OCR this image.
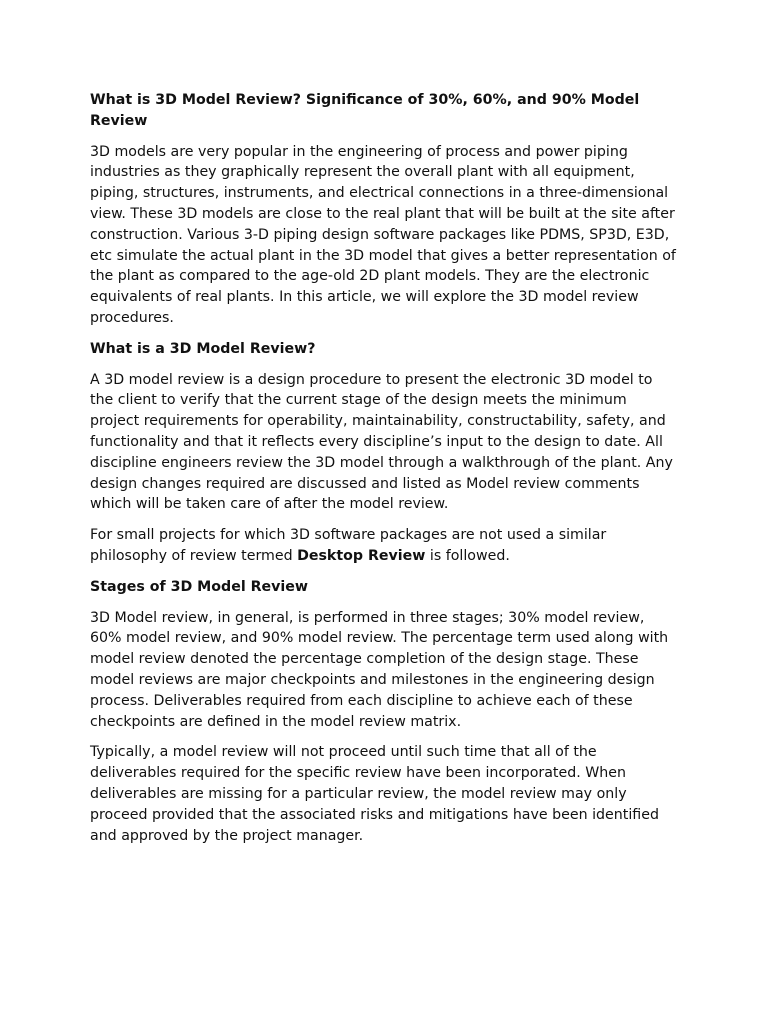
What is 3D Model Review? Significance of 30%, 60%, and 90% Model Review
3D models are very popular in the engineering of process and power piping industries as they graphically represent the overall plant with all equipment, piping, structures, instruments, and electrical connections in a three-dimensional view. These 3D models are close to the real plant that will be built at the site after construction. Various 3-D piping design software packages like PDMS, SP3D, E3D, etc simulate the actual plant in the 3D model that gives a better representation of the plant as compared to the age-old 2D plant models. They are the electronic equivalents of real plants. In this article, we will explore the 3D model review procedures.
What is a 3D Model Review?
A 3D model review is a design procedure to present the electronic 3D model to the client to verify that the current stage of the design meets the minimum project requirements for operability, maintainability, constructability, safety, and functionality and that it reflects every discipline’s input to the design to date. All discipline engineers review the 3D model through a walkthrough of the plant. Any design changes required are discussed and listed as Model review comments which will be taken care of after the model review.
For small projects for which 3D software packages are not used a similar philosophy of review termed Desktop Review is followed.
Stages of 3D Model Review
3D Model review, in general, is performed in three stages; 30% model review, 60% model review, and 90% model review. The percentage term used along with model review denoted the percentage completion of the design stage. These model reviews are major checkpoints and milestones in the engineering design process. Deliverables required from each discipline to achieve each of these checkpoints are defined in the model review matrix.
Typically, a model review will not proceed until such time that all of the deliverables required for the specific review have been incorporated. When deliverables are missing for a particular review, the model review may only proceed provided that the associated risks and mitigations have been identified and approved by the project manager.
